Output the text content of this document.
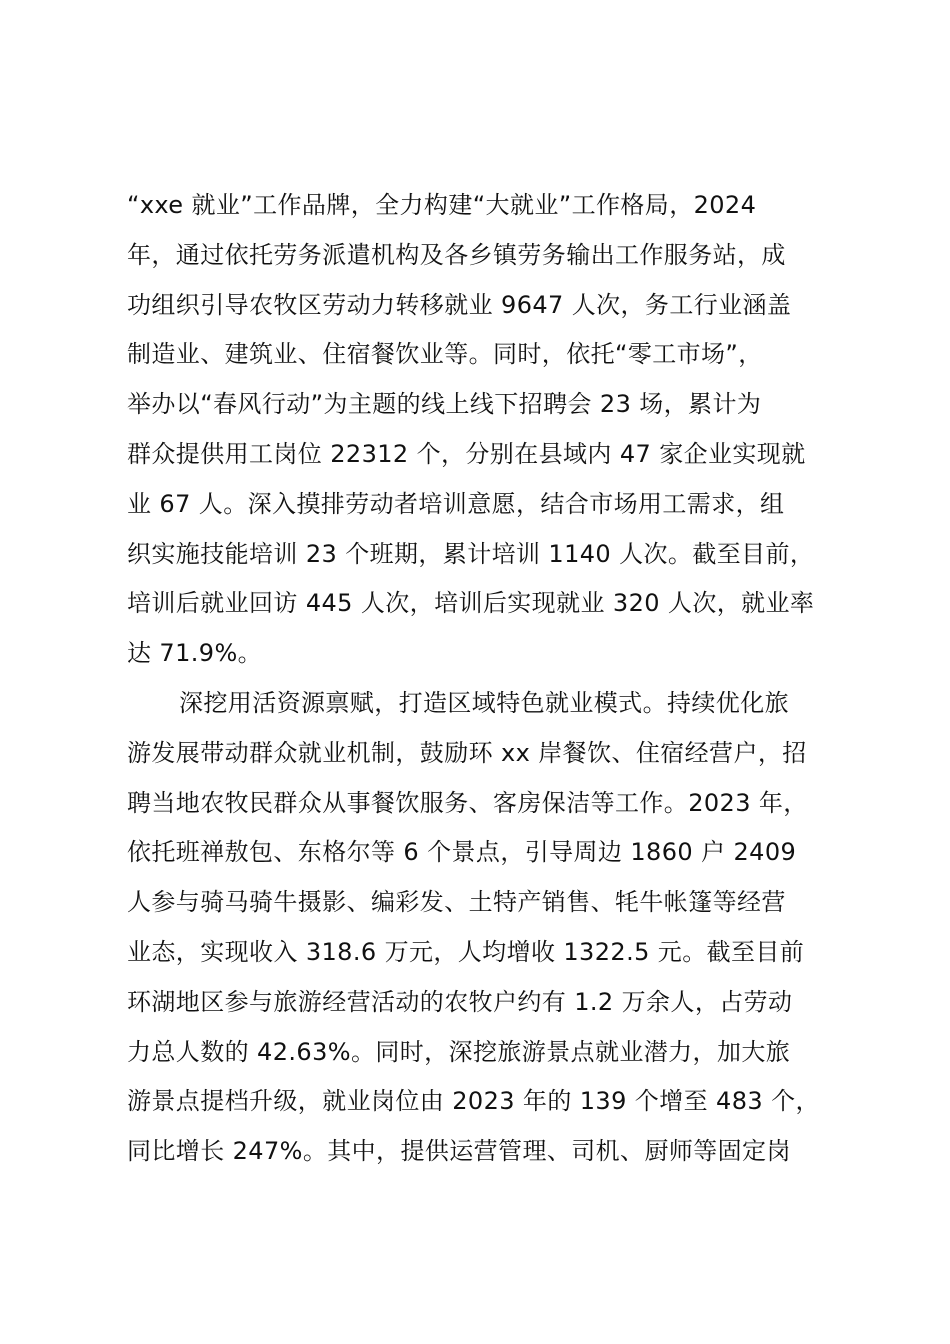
“xxe 就业”工作品牌，全力构建“大就业”工作格局，2024
年，通过依托劳务派遣机构及各乡镇劳务输出工作服务站，成
功组织引导农牧区劳动力转移就业 9647 人次，务工行业涵盖
制造业、建筑业、住宿餐饮业等。同时，依托“零工市场”，
举办以“春风行动”为主题的线上线下招聘会 23 场，累计为
群众提供用工岗位 22312 个，分别在县域内 47 家企业实现就
业 67 人。深入摸排劳动者培训意愿，结合市场用工需求，组
织实施技能培训 23 个班期，累计培训 1140 人次。截至目前，
培训后就业回访 445 人次，培训后实现就业 320 人次，就业率
达 71.9%。
深挖用活资源禀赋，打造区域特色就业模式。持续优化旅
游发展带动群众就业机制，鼓励环 xx 岸餐饮、住宿经营户，招
聘当地农牧民群众从事餐饮服务、客房保洁等工作。2023 年，
依托班禅敖包、东格尔等 6 个景点，引导周边 1860 户 2409
人参与骑马骑牛摄影、编彩发、土特产销售、牦牛帐篷等经营
业态，实现收入 318.6 万元，人均增收 1322.5 元。截至目前
环湖地区参与旅游经营活动的农牧户约有 1.2 万余人，占劳动
力总人数的 42.63%。同时，深挖旅游景点就业潜力，加大旅
游景点提档升级，就业岗位由 2023 年的 139 个增至 483 个，
同比增长 247%。其中，提供运营管理、司机、厨师等固定岗
